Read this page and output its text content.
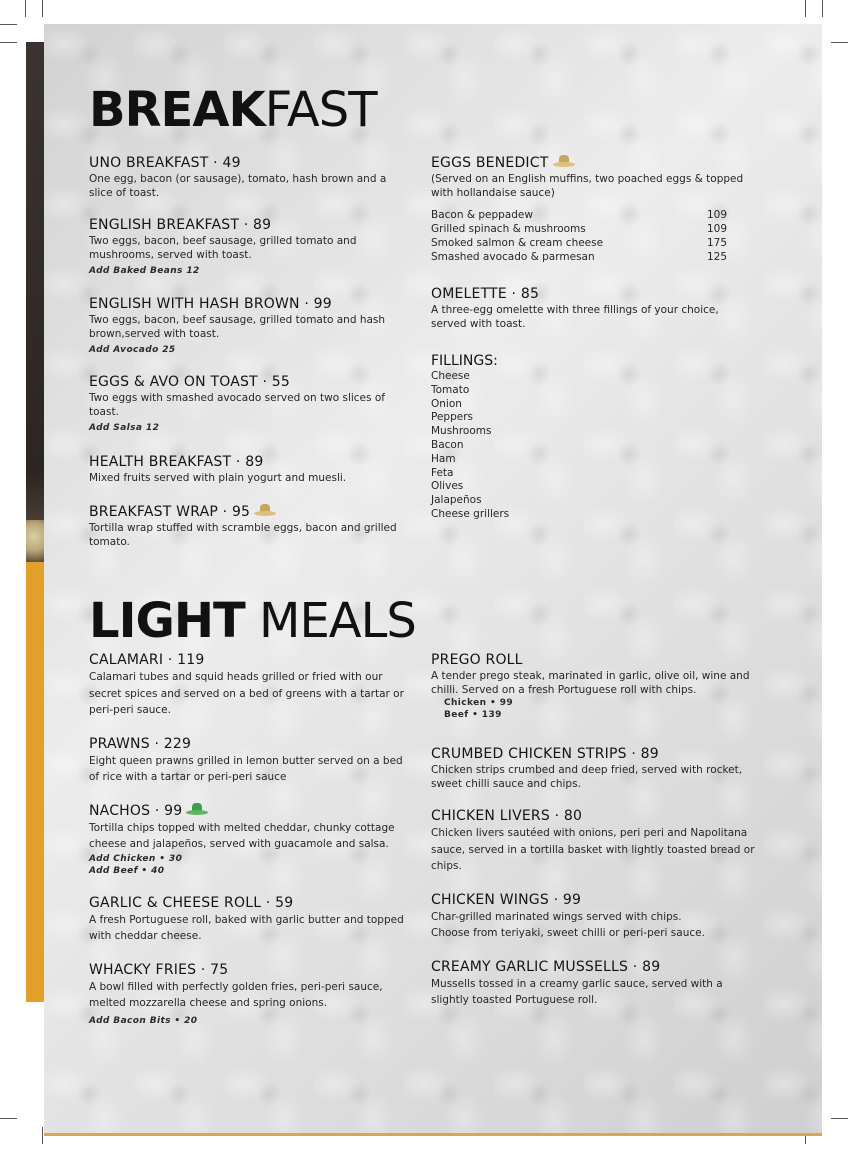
BREAKFAST
UNO BREAKFAST · 49
One egg, bacon (or sausage), tomato, hash brown and a slice of toast.
ENGLISH BREAKFAST · 89
Two eggs, bacon, beef sausage, grilled tomato and mushrooms, served with toast.
Add Baked Beans 12
ENGLISH WITH HASH BROWN · 99
Two eggs, bacon, beef sausage, grilled tomato and hash brown,served with toast.
Add Avocado 25
EGGS & AVO ON TOAST · 55
Two eggs with smashed avocado served on two slices of toast.
Add Salsa 12
HEALTH BREAKFAST · 89
Mixed fruits served with plain yogurt and muesli.
BREAKFAST WRAP · 95
Tortilla wrap stuffed with scramble eggs, bacon and grilled tomato.
EGGS BENEDICT
(Served on an English muffins, two poached eggs & topped with hollandaise sauce)
Bacon & peppadew	109
Grilled spinach & mushrooms	109
Smoked salmon & cream cheese	175
Smashed avocado & parmesan	125
OMELETTE · 85
A three-egg omelette with three fillings of your choice, served with toast.
FILLINGS:
Cheese
Tomato
Onion
Peppers
Mushrooms
Bacon
Ham
Feta
Olives
Jalapeños
Cheese grillers
LIGHT MEALS
CALAMARI · 119
Calamari tubes and squid heads grilled or fried with our secret spices and served on a bed of greens with a tartar or peri-peri sauce.
PRAWNS · 229
Eight queen prawns grilled in lemon butter served on a bed of rice with a tartar or peri-peri sauce
NACHOS · 99
Tortilla chips topped with melted cheddar, chunky cottage cheese and jalapeños, served with guacamole and salsa.
Add Chicken • 30
Add Beef • 40
GARLIC & CHEESE ROLL · 59
A fresh Portuguese roll, baked with garlic butter and topped with cheddar cheese.
WHACKY FRIES · 75
A bowl filled with perfectly golden fries, peri-peri sauce, melted mozzarella cheese and spring onions.
Add Bacon Bits • 20
PREGO ROLL
A tender prego steak, marinated in garlic, olive oil, wine and chilli. Served on a fresh Portuguese roll with chips.
Chicken • 99
Beef • 139
CRUMBED CHICKEN STRIPS · 89
Chicken strips crumbed and deep fried, served with rocket, sweet chilli sauce and chips.
CHICKEN LIVERS · 80
Chicken livers sautéed with onions, peri peri and Napolitana sauce, served in a tortilla basket with lightly toasted bread or chips.
CHICKEN WINGS · 99
Char-grilled marinated wings served with chips. Choose from teriyaki, sweet chilli or peri-peri sauce.
CREAMY GARLIC MUSSELLS · 89
Mussells tossed in a creamy garlic sauce, served with a slightly toasted Portuguese roll.
